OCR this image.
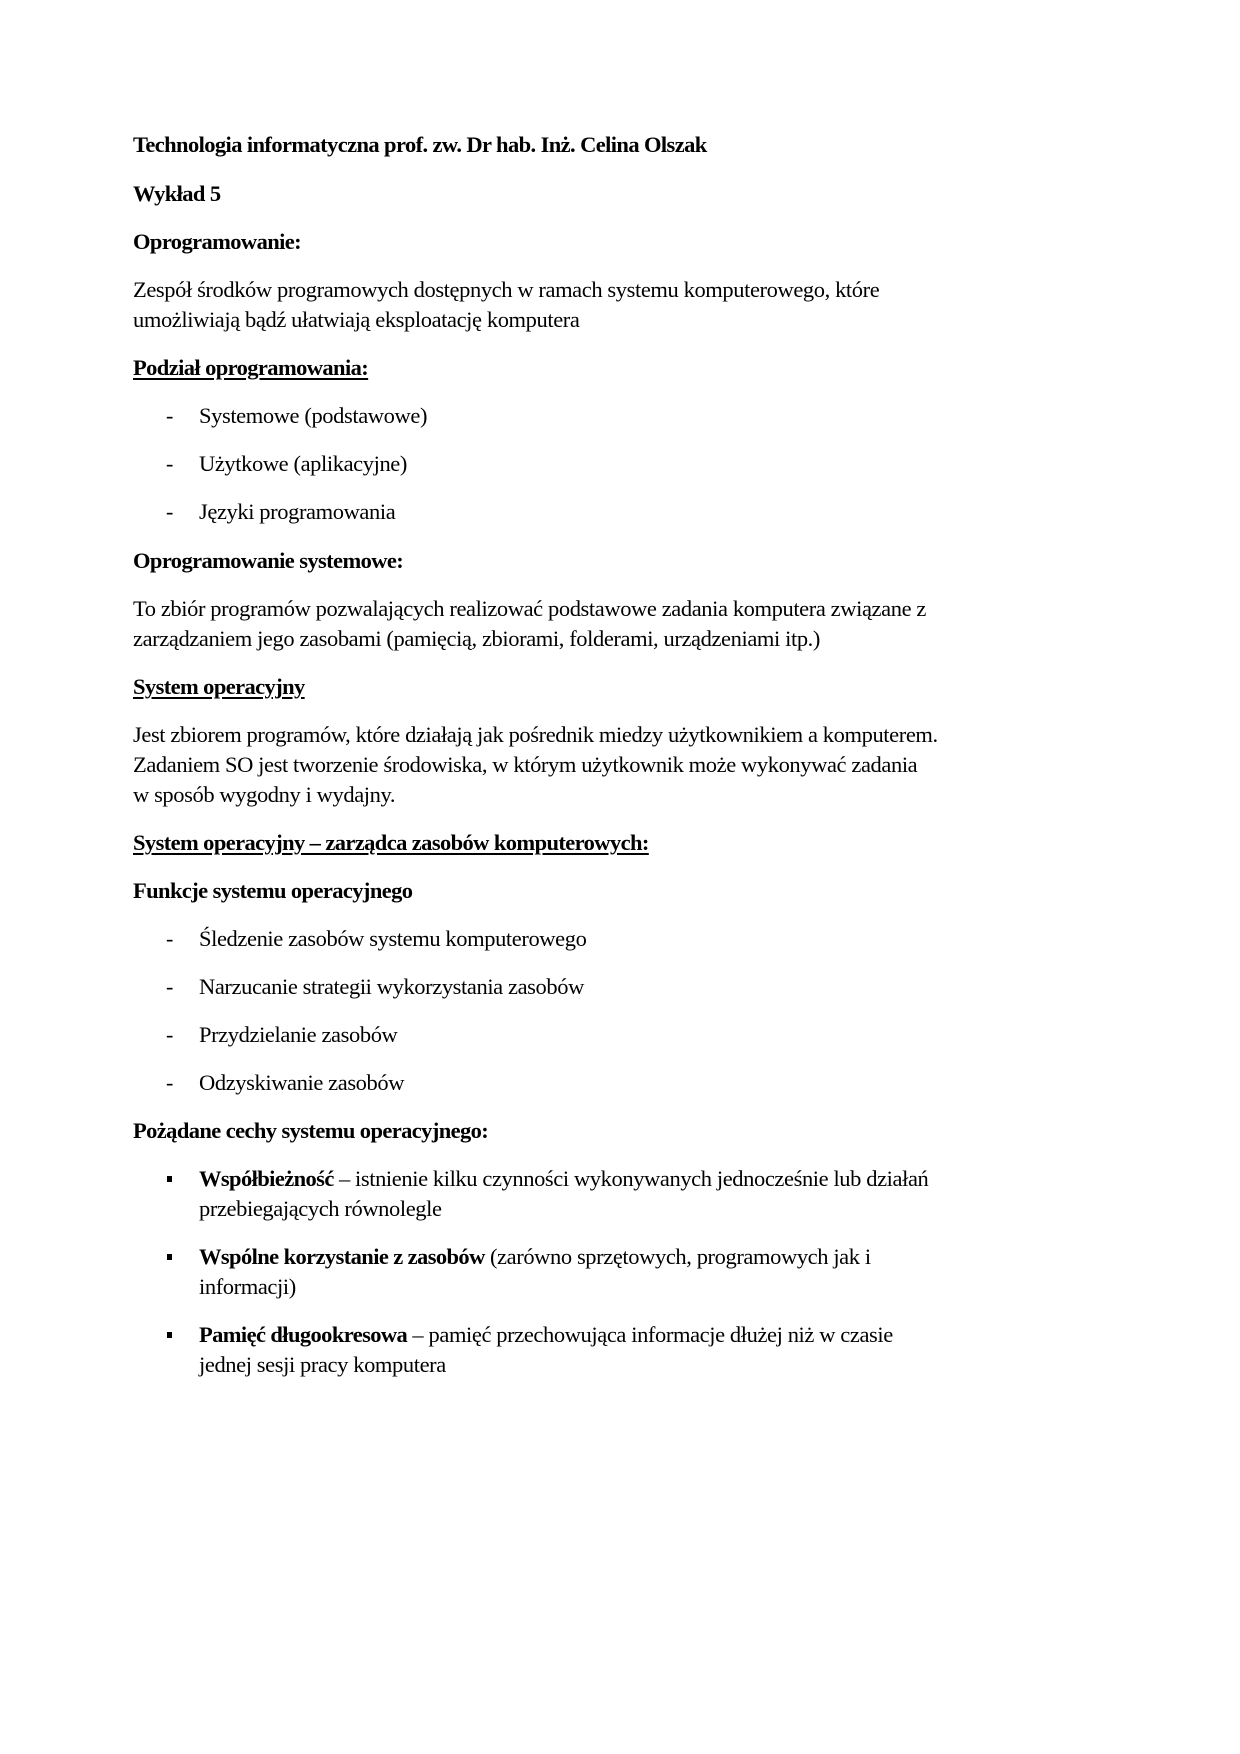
Technologia informatyczna prof. zw. Dr hab. Inż. Celina Olszak
Wykład 5
Oprogramowanie:
Zespół środków programowych dostępnych w ramach systemu komputerowego, które
umożliwiają bądź ułatwiają eksploatację komputera
Podział oprogramowania:
- Systemowe (podstawowe)
- Użytkowe (aplikacyjne)
- Języki programowania
Oprogramowanie systemowe:
To zbiór programów pozwalających realizować podstawowe zadania komputera związane z
zarządzaniem jego zasobami (pamięcią, zbiorami, folderami, urządzeniami itp.)
System operacyjny
Jest zbiorem programów, które działają jak pośrednik miedzy użytkownikiem a komputerem.
Zadaniem SO jest tworzenie środowiska, w którym użytkownik może wykonywać zadania
w sposób wygodny i wydajny.
System operacyjny – zarządca zasobów komputerowych:
Funkcje systemu operacyjnego
- Śledzenie zasobów systemu komputerowego
- Narzucanie strategii wykorzystania zasobów
- Przydzielanie zasobów
- Odzyskiwanie zasobów
Pożądane cechy systemu operacyjnego:
Współbieżność – istnienie kilku czynności wykonywanych jednocześnie lub działań
przebiegających równolegle
Wspólne korzystanie z zasobów (zarówno sprzętowych, programowych jak i
informacji)
Pamięć długookresowa – pamięć przechowująca informacje dłużej niż w czasie
jednej sesji pracy komputera
